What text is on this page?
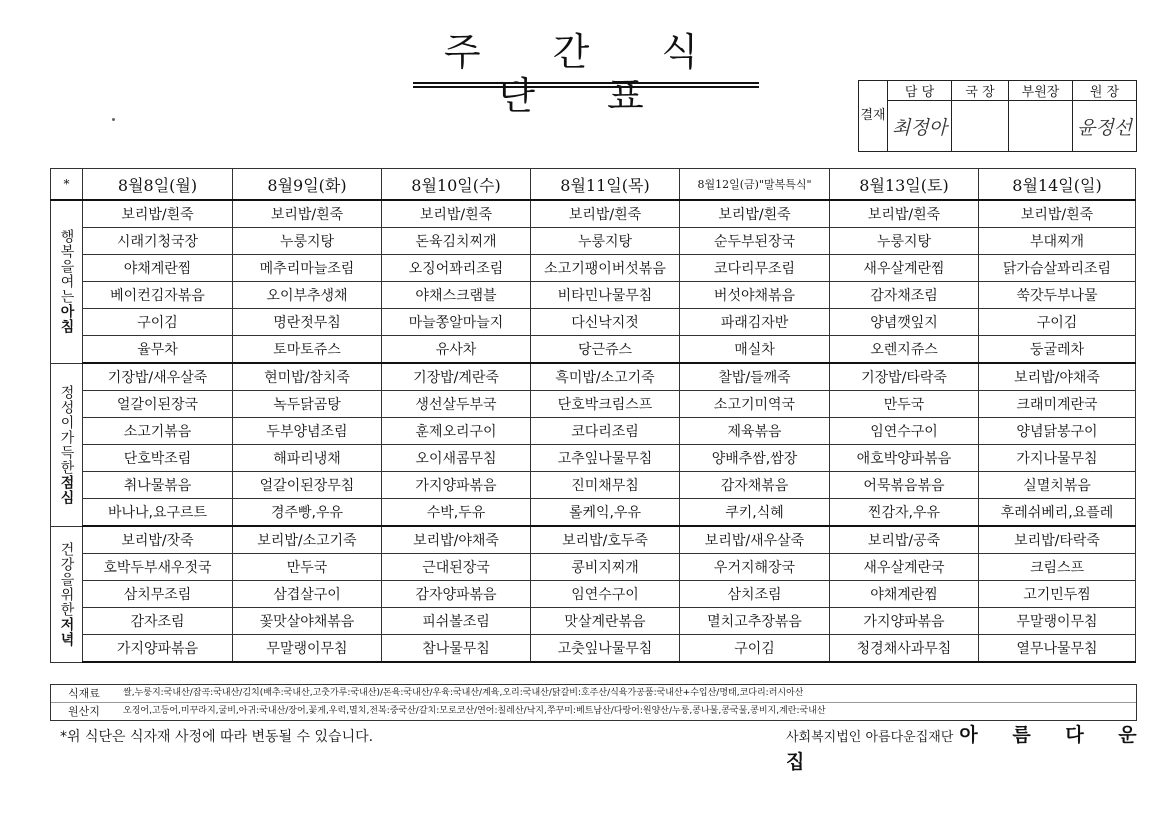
주 간 식 단 표	결재	담 당	국 장	부원장	원 장
	최정아			윤정선
*	8월8일(월)	8월9일(화)	8월10일(수)	8월11일(목)	8월12일(금)"말복특식"	8월13일(토)	8월14일(일)
행복을여는아침	보리밥/흰죽	보리밥/흰죽	보리밥/흰죽	보리밥/흰죽	보리밥/흰죽	보리밥/흰죽	보리밥/흰죽
	시래기청국장	누룽지탕	돈육김치찌개	누룽지탕	순두부된장국	누룽지탕	부대찌개
	야채계란찜	메추리마늘조림	오징어꽈리조림	소고기팽이버섯볶음	코다리무조림	새우살계란찜	닭가슴살꽈리조림
	베이컨김자볶음	오이부추생채	야채스크램블	비타민나물무침	버섯야채볶음	감자채조림	쑥갓두부나물
	구이김	명란젓무침	마늘쫑알마늘지	다신낙지젓	파래김자반	양념깻잎지	구이김
	율무차	토마토쥬스	유사차	당근쥬스	매실차	오렌지쥬스	둥굴레차
정성이가득한점심	기장밥/새우살죽	현미밥/참치죽	기장밥/계란죽	흑미밥/소고기죽	찰밥/들깨죽	기장밥/타락죽	보리밥/야채죽
	얼갈이된장국	녹두닭곰탕	생선살두부국	단호박크림스프	소고기미역국	만두국	크래미계란국
	소고기볶음	두부양념조림	훈제오리구이	코다리조림	제육볶음	임연수구이	양념닭봉구이
	단호박조림	해파리냉채	오이새콤무침	고추잎나물무침	양배추쌈,쌈장	애호박양파볶음	가지나물무침
	취나물볶음	얼갈이된장무침	가지양파볶음	진미채무침	감자채볶음	어묵볶음볶음	실멸치볶음
	바나나,요구르트	경주빵,우유	수박,두유	롤케익,우유	쿠키,식혜	찐감자,우유	후레쉬베리,요플레
건강을위한저녁	보리밥/잣죽	보리밥/소고기죽	보리밥/야채죽	보리밥/호두죽	보리밥/새우살죽	보리밥/공죽	보리밥/타락죽
	호박두부새우젓국	만두국	근대된장국	콩비지찌개	우거지해장국	새우살계란국	크림스프
	삼치무조림	삼겹살구이	감자양파볶음	임연수구이	삼치조림	야채계란찜	고기민두찜
	감자조림	꽃맛살야채볶음	피쉬볼조림	맛살계란볶음	멸치고추장볶음	가지양파볶음	무말랭이무침
	가지양파볶음	무말랭이무침	참나물무침	고춧잎나물무침	구이김	청경채사과무침	열무나물무침
식재료	쌀,누룽지:국내산/잡곡:국내산/김치(배추:국내산,고춧가루:국내산)/돈육:국내산/우육:국내산/계육,오리:국내산/닭갈비:호주산/식육가공품:국내산+수입산/명태,코다리:러시아산
원산지	오징어,고등어,미꾸라지,굴비,아귀:국내산/장어,꽃게,우럭,멸치,전복:중국산/갈치:모로코산/연어:칠레산/낙지,쭈꾸미:베트남산/다랑어:원양산/누룽,콩나물,콩국물,콩비지,계란:국내산
*위 식단은 식자재 사정에 따라 변동될 수 있습니다.	사회복지법인 아름다운집재단 아 름 다 운 집
